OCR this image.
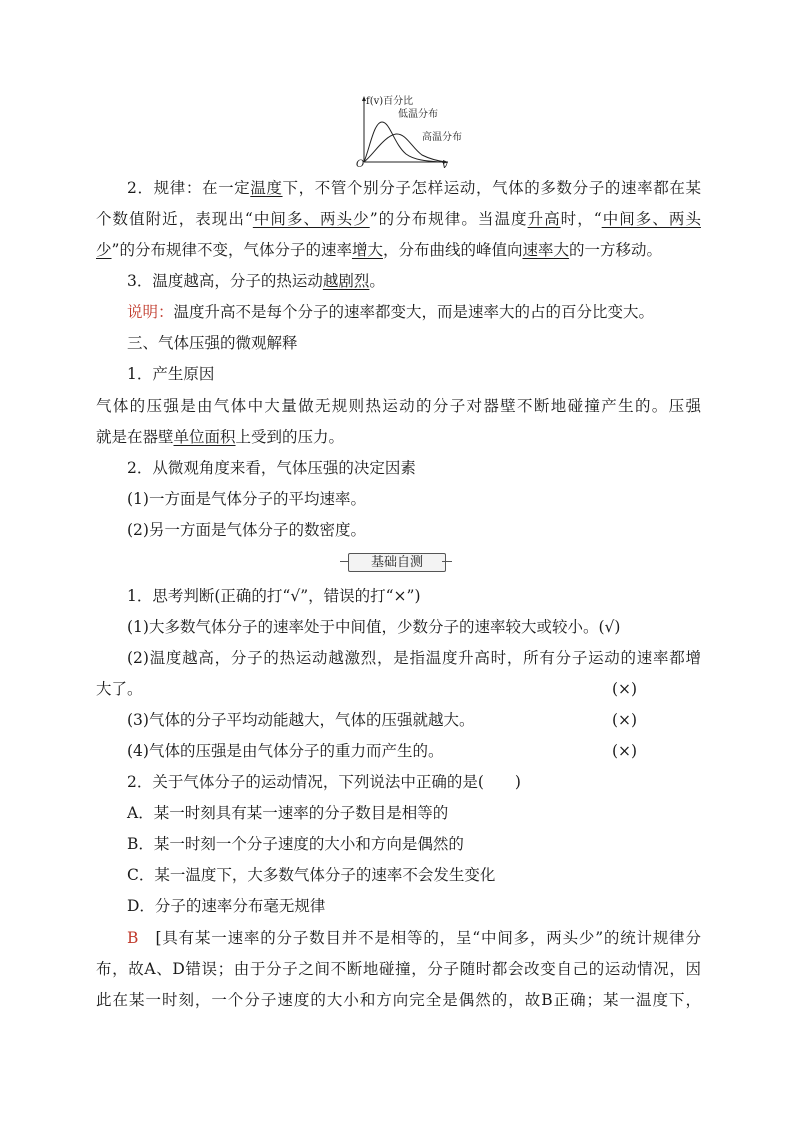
f(v)百分比
低温分布
高温分布
O	v
2．规律：在一定温度下，不管个别分子怎样运动，气体的多数分子的速率都在某
个数值附近，表现出“中间多、两头少”的分布规律。当温度升高时，“中间多、两头
少”的分布规律不变，气体分子的速率增大，分布曲线的峰值向速率大的一方移动。
3．温度越高，分子的热运动越剧烈。
说明：温度升高不是每个分子的速率都变大，而是速率大的占的百分比变大。
三、气体压强的微观解释
1．产生原因
气体的压强是由气体中大量做无规则热运动的分子对器壁不断地碰撞产生的。压强
就是在器壁单位面积上受到的压力。
2．从微观角度来看，气体压强的决定因素
(1)一方面是气体分子的平均速率。
(2)另一方面是气体分子的数密度。
基础自测
1．思考判断(正确的打“√”，错误的打“×”)
(1)大多数气体分子的速率处于中间值，少数分子的速率较大或较小。(√)
(2)温度越高，分子的热运动越激烈，是指温度升高时，所有分子运动的速率都增
大了。	(×)
(3)气体的分子平均动能越大，气体的压强就越大。	(×)
(4)气体的压强是由气体分子的重力而产生的。	(×)
2．关于气体分子的运动情况，下列说法中正确的是(　　)
A．某一时刻具有某一速率的分子数目是相等的
B．某一时刻一个分子速度的大小和方向是偶然的
C．某一温度下，大多数气体分子的速率不会发生变化
D．分子的速率分布毫无规律
B　 [具有某一速率的分子数目并不是相等的，呈“中间多，两头少”的统计规律分
布，故A、D错误；由于分子之间不断地碰撞，分子随时都会改变自己的运动情况，因
此在某一时刻，一个分子速度的大小和方向完全是偶然的，故B正确；某一温度下，
